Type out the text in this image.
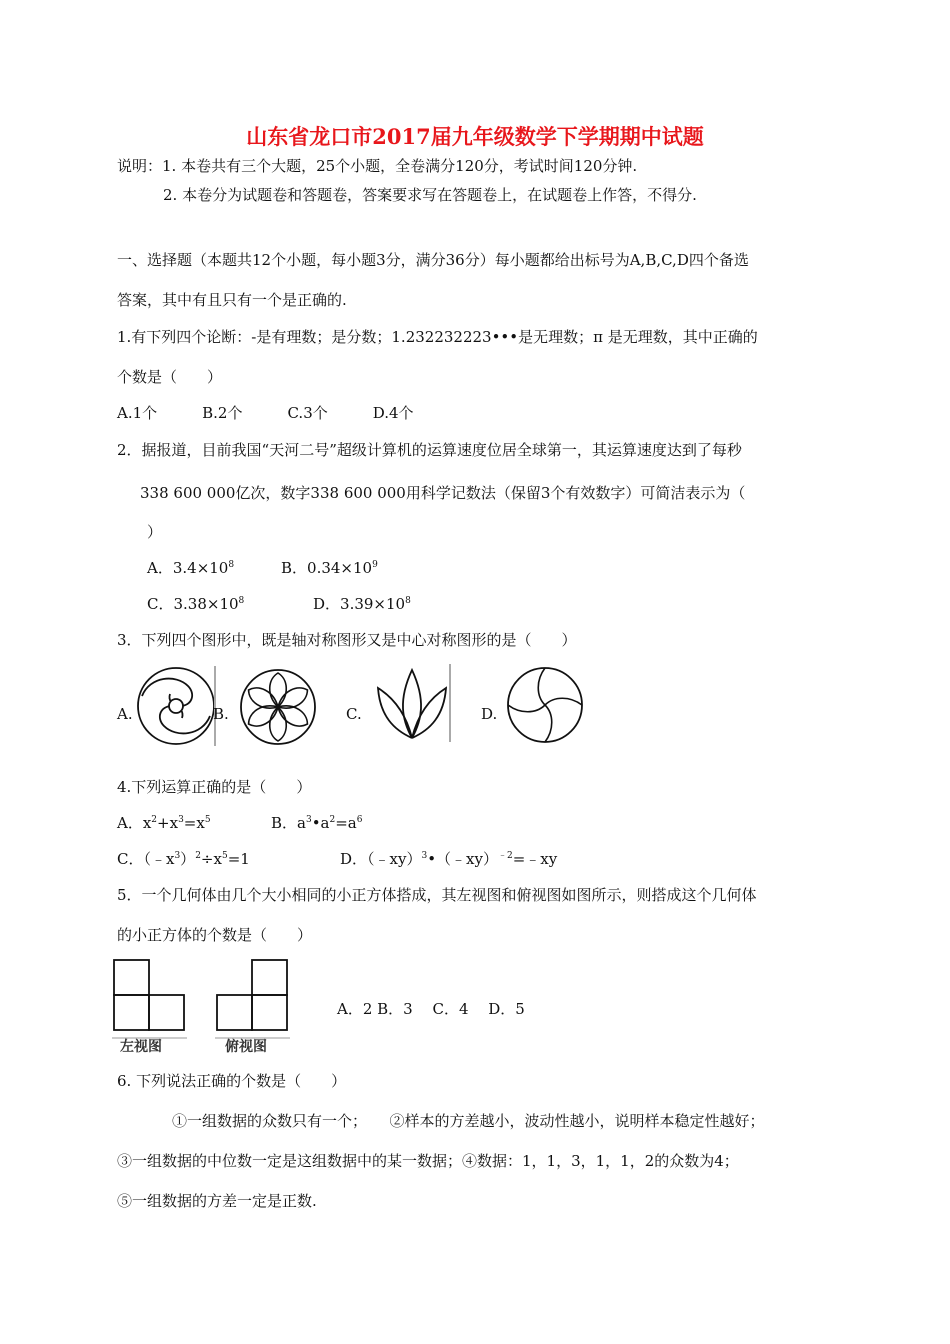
山东省龙口市2017届九年级数学下学期期中试题
说明：1. 本卷共有三个大题，25个小题，全卷满分120分，考试时间120分钟.
2. 本卷分为试题卷和答题卷，答案要求写在答题卷上，在试题卷上作答，不得分.
一、选择题（本题共12个小题，每小题3分，满分36分）每小题都给出标号为A,B,C,D四个备选
答案，其中有且只有一个是正确的.
1.有下列四个论断：-是有理数；是分数；1.232232223•••是无理数；π 是无理数，其中正确的
个数是（　　）
A.1个　　　B.2个　　　C.3个　　　D.4个
2．据报道，目前我国“天河二号”超级计算机的运算速度位居全球第一，其运算速度达到了每秒
338 600 000亿次，数字338 600 000用科学记数法（保留3个有效数字）可简洁表示为（
）
A．$3.4\times 10^8$	B．$0.34\times 10^9$
C．$3.38\times 10^8$	D．$3.39\times 10^8$
3．下列四个图形中，既是轴对称图形又是中心对称图形的是（　　）
A.	B.	C.	D.
4.下列运算正确的是（　　）
A．$x^2+x^3=x^5$	B．$a^3•a^2=a^6$
C．$(﹣x^3)^2\div x^5=1$	D．（﹣xy）$^3$•（﹣xy）$^{﹣2}$=﹣xy
5．一个几何体由几个大小相同的小正方体搭成，其左视图和俯视图如图所示，则搭成这个几何体
的小正方体的个数是（　　）
左视图	俯视图
A．2 B．3　 C．4　 D．5
6. 下列说法正确的个数是（　　）
①一组数据的众数只有一个；　　②样本的方差越小，波动性越小，说明样本稳定性越好；
③一组数据的中位数一定是这组数据中的某一数据；④数据：1，1，3，1，1，2的众数为4；
⑤一组数据的方差一定是正数.
